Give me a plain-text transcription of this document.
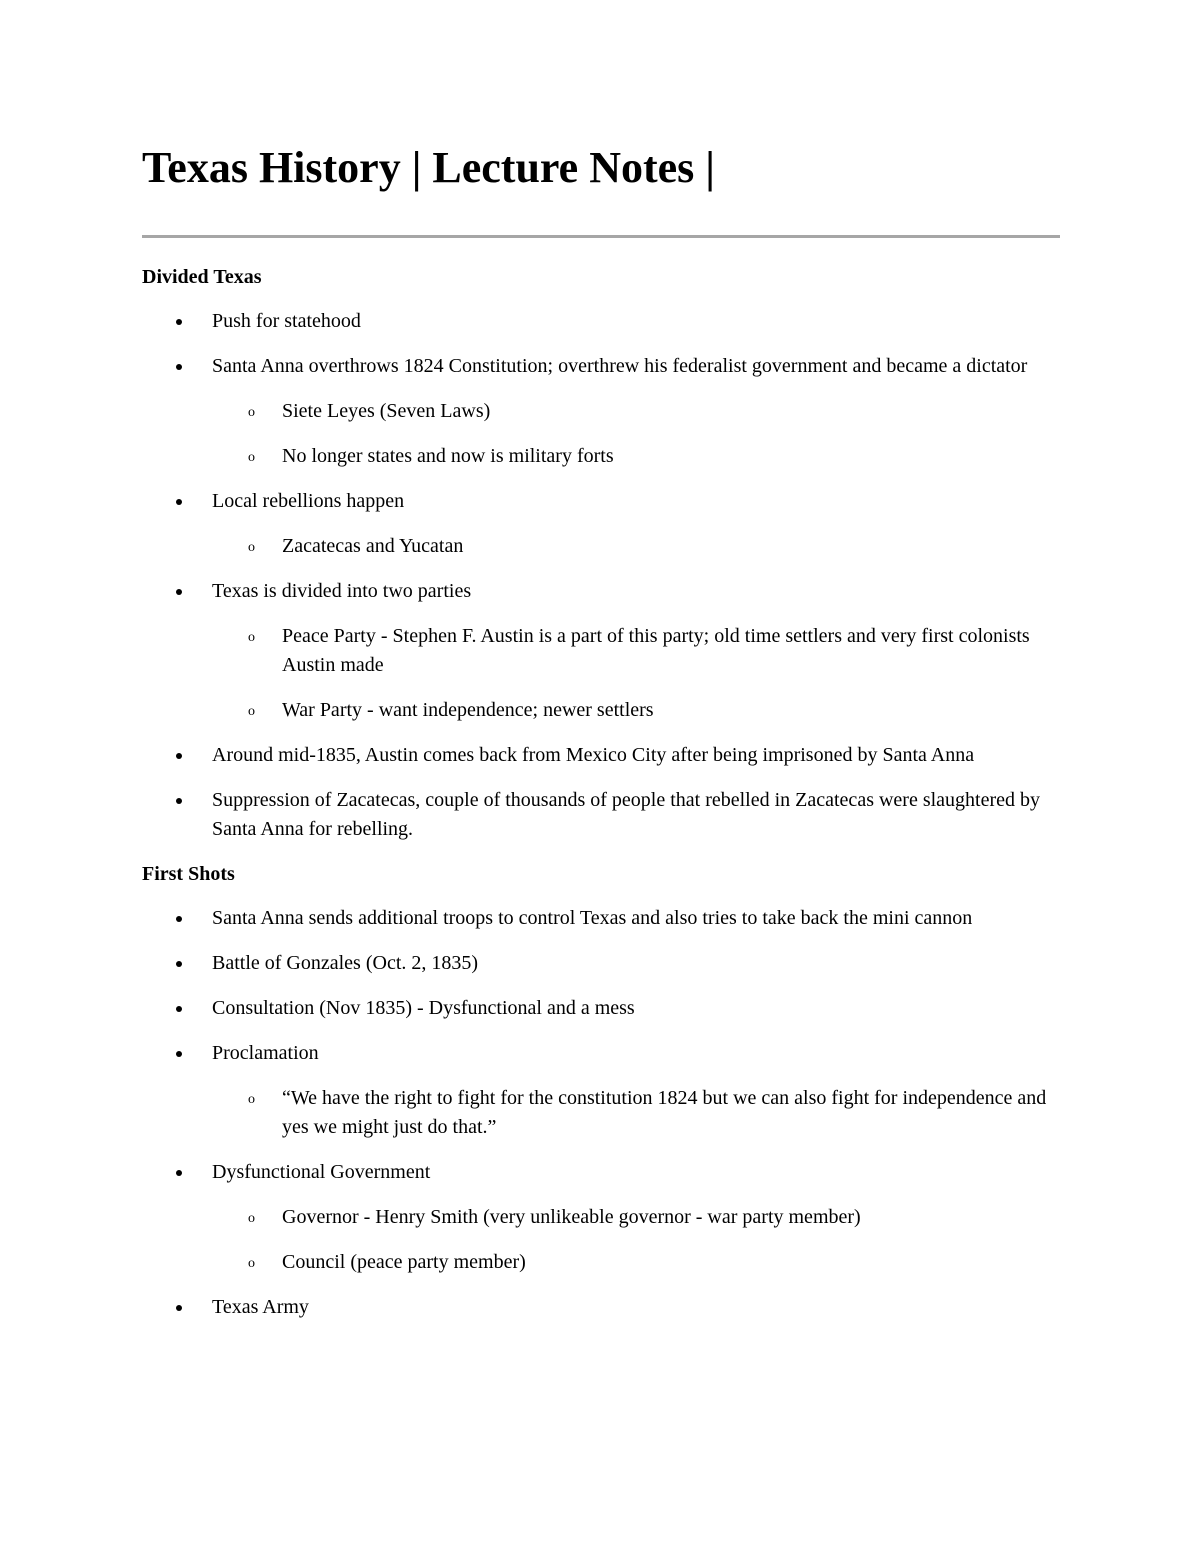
Texas History | Lecture Notes |

Divided Texas

Push for statehood
Santa Anna overthrows 1824 Constitution; overthrew his federalist government and became a dictator
o Siete Leyes (Seven Laws)
o No longer states and now is military forts
Local rebellions happen
o Zacatecas and Yucatan
Texas is divided into two parties
o Peace Party - Stephen F. Austin is a part of this party; old time settlers and very first colonists Austin made
o War Party - want independence; newer settlers
Around mid-1835, Austin comes back from Mexico City after being imprisoned by Santa Anna
Suppression of Zacatecas, couple of thousands of people that rebelled in Zacatecas were slaughtered by Santa Anna for rebelling.

First Shots

Santa Anna sends additional troops to control Texas and also tries to take back the mini cannon
Battle of Gonzales (Oct. 2, 1835)
Consultation (Nov 1835) - Dysfunctional and a mess
Proclamation
o “We have the right to fight for the constitution 1824 but we can also fight for independence and yes we might just do that.”
Dysfunctional Government
o Governor - Henry Smith (very unlikeable governor - war party member)
o Council (peace party member)
Texas Army
